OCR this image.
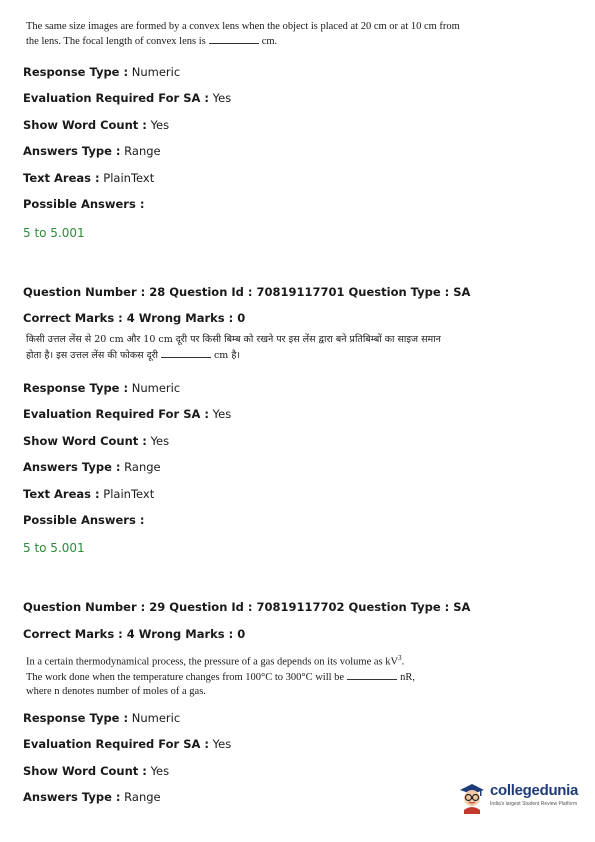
The same size images are formed by a convex lens when the object is placed at 20 cm or at 10 cm from the lens. The focal length of convex lens is	cm.
Response Type : Numeric
Evaluation Required For SA : Yes
Show Word Count : Yes
Answers Type : Range
Text Areas : PlainText
Possible Answers :
5 to 5.001
Question Number : 28 Question Id : 70819117701 Question Type : SA
Correct Marks : 4 Wrong Marks : 0
किसी उत्तल लेंस से 20 cm और 10 cm दूरी पर किसी बिम्ब को रखने पर इस लेंस द्वारा बने प्रतिबिम्बों का साइज समान होता है। इस उत्तल लेंस की फोकस दूरी	cm है।
Response Type : Numeric
Evaluation Required For SA : Yes
Show Word Count : Yes
Answers Type : Range
Text Areas : PlainText
Possible Answers :
5 to 5.001
Question Number : 29 Question Id : 70819117702 Question Type : SA
Correct Marks : 4 Wrong Marks : 0
In a certain thermodynamical process, the pressure of a gas depends on its volume as $kV^3$.
The work done when the temperature changes from 100°C to 300°C will be	nR,
where n denotes number of moles of a gas.
Response Type : Numeric
Evaluation Required For SA : Yes
Show Word Count : Yes
Answers Type : Range	collegedunia
India's largest Student Review Platform
